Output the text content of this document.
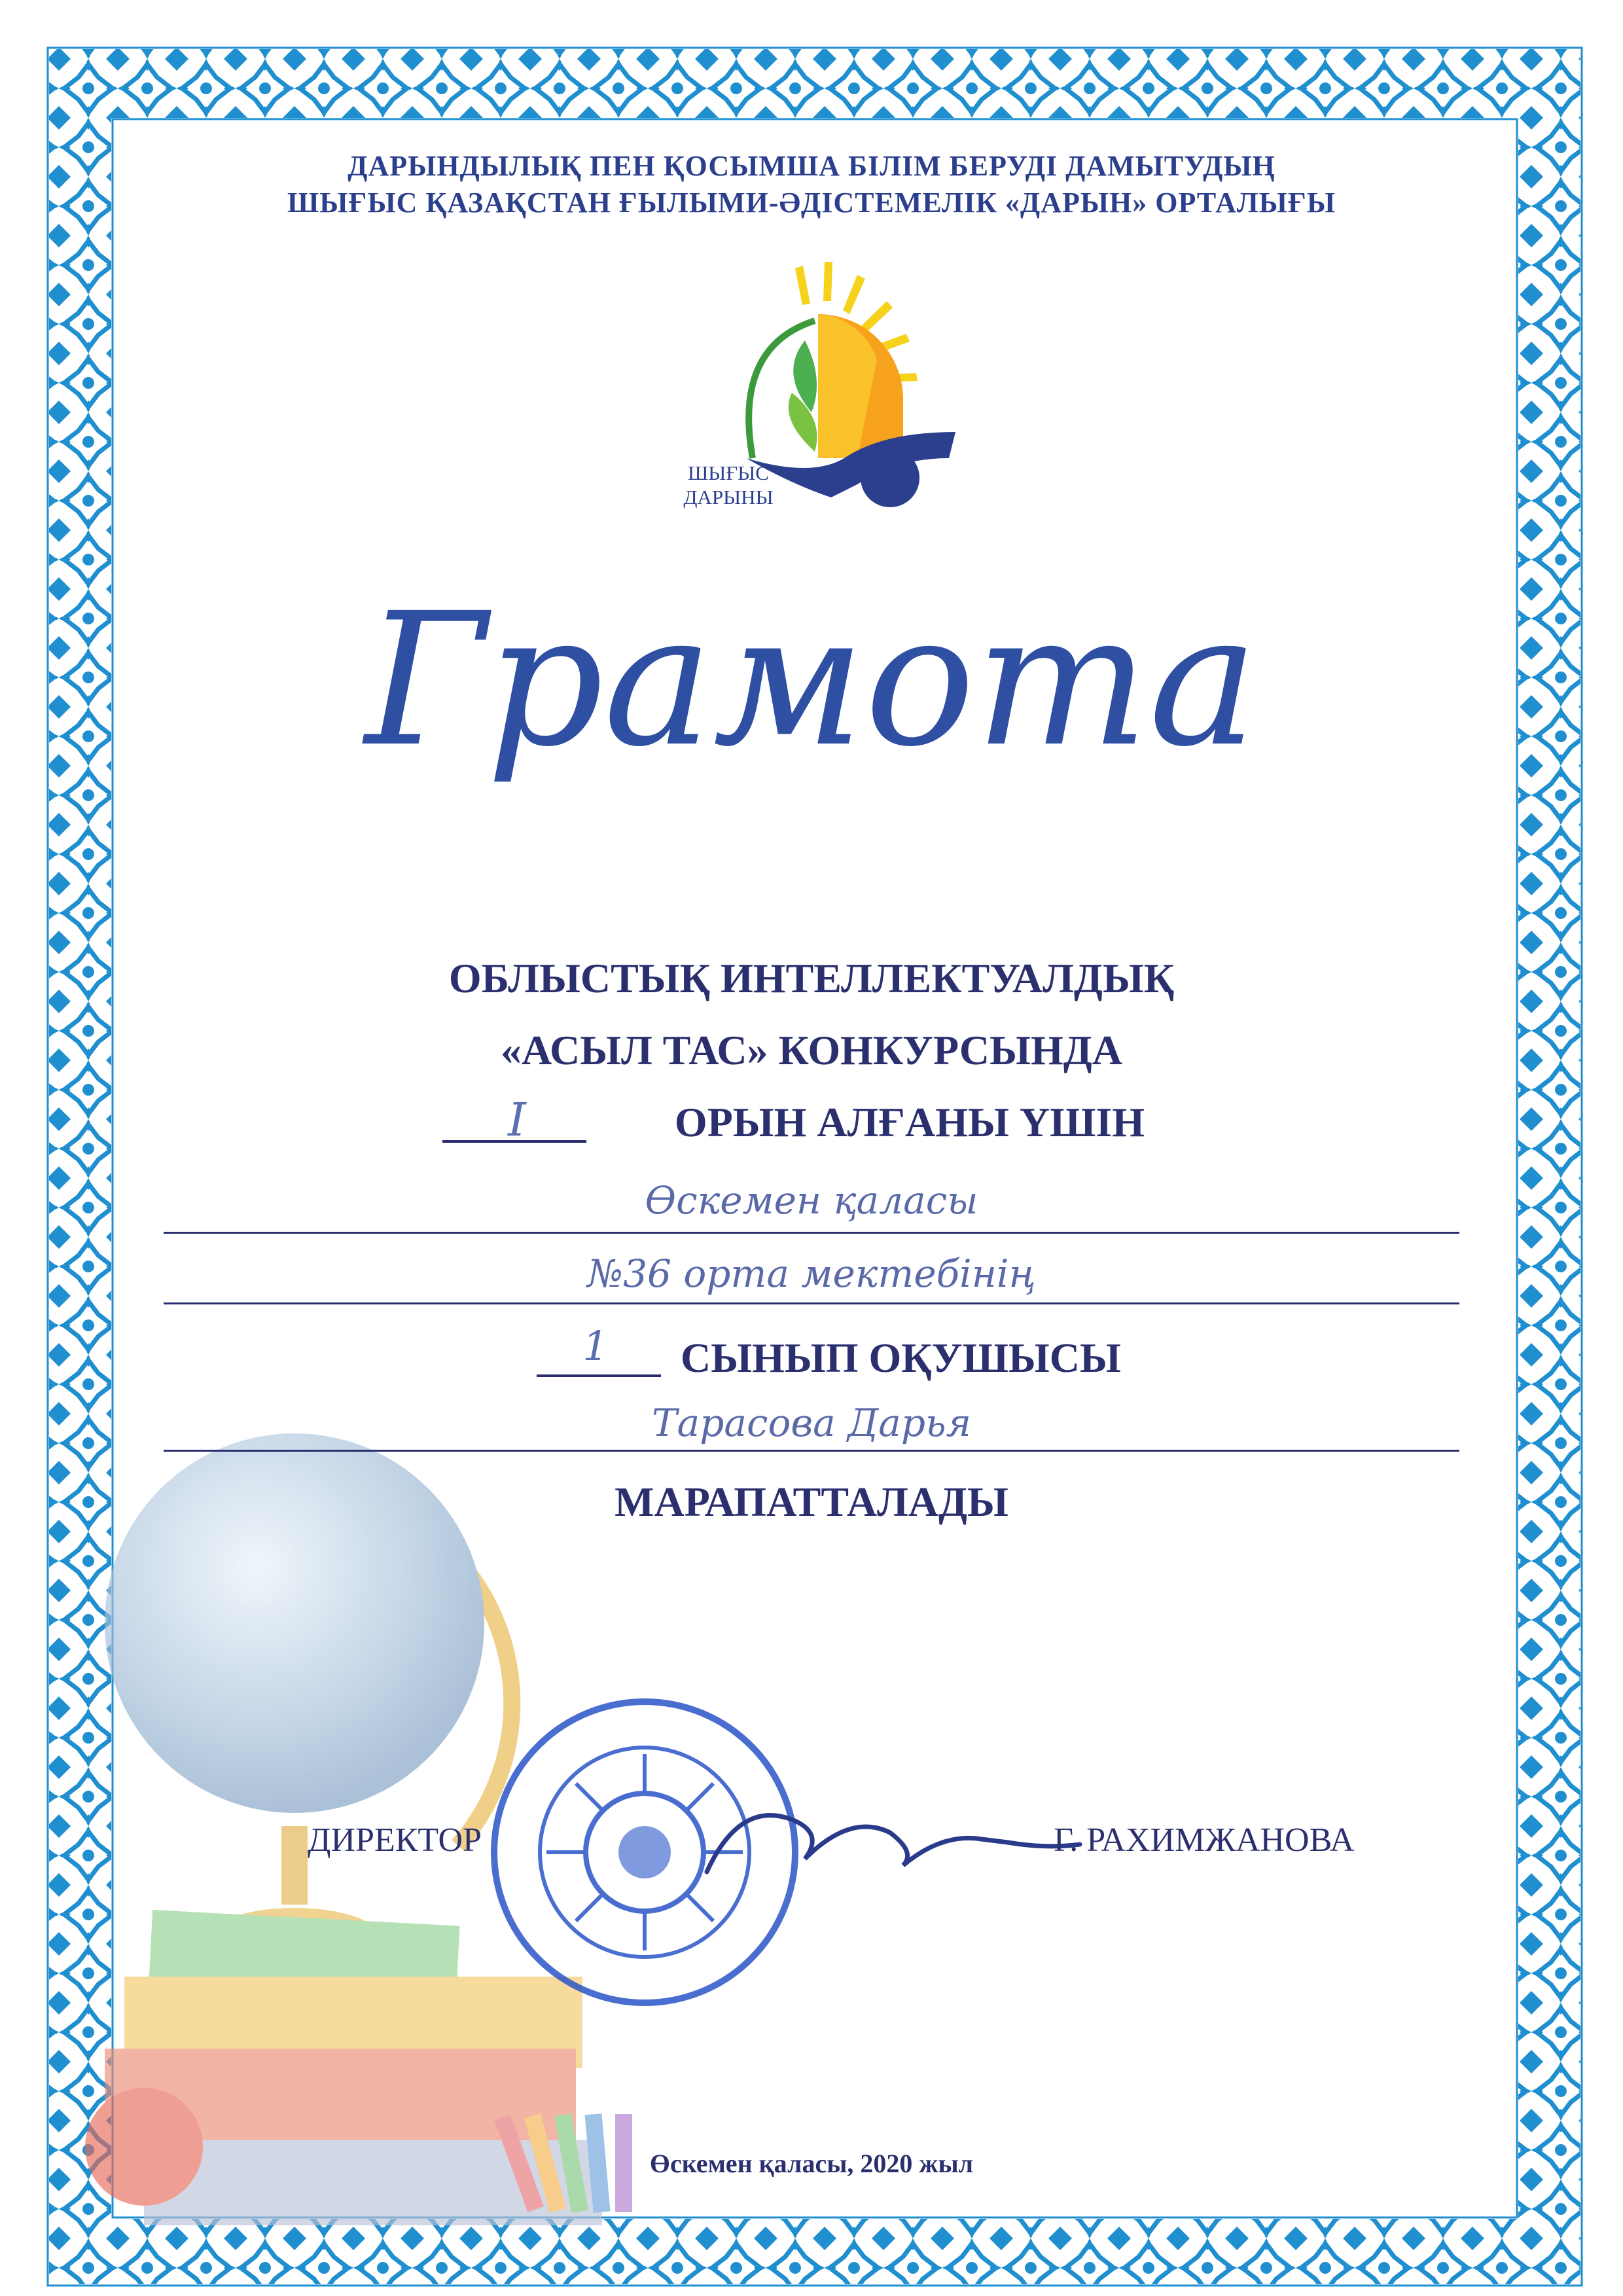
ДАРЫНДЫЛЫҚ ПЕН ҚОСЫМША БІЛІМ БЕРУДІ ДАМЫТУДЫҢ
ШЫҒЫС ҚАЗАҚСТАН ҒЫЛЫМИ-ӘДІСТЕМЕЛІК «ДАРЫН» ОРТАЛЫҒЫ
ШЫҒЫС
ДАРЫНЫ
Грамота
ОБЛЫСТЫҚ ИНТЕЛЛЕКТУАЛДЫҚ
«АСЫЛ ТАС» КОНКУРСЫНДА
I	ОРЫН АЛҒАНЫ ҮШІН
Өскемен қаласы
№36 орта мектебінің
1	СЫНЫП ОҚУШЫСЫ
Тарасова Дарья
МАРАПАТТАЛАДЫ
ДИРЕКТОР	Г. РАХИМЖАНОВА
Өскемен қаласы, 2020 жыл
